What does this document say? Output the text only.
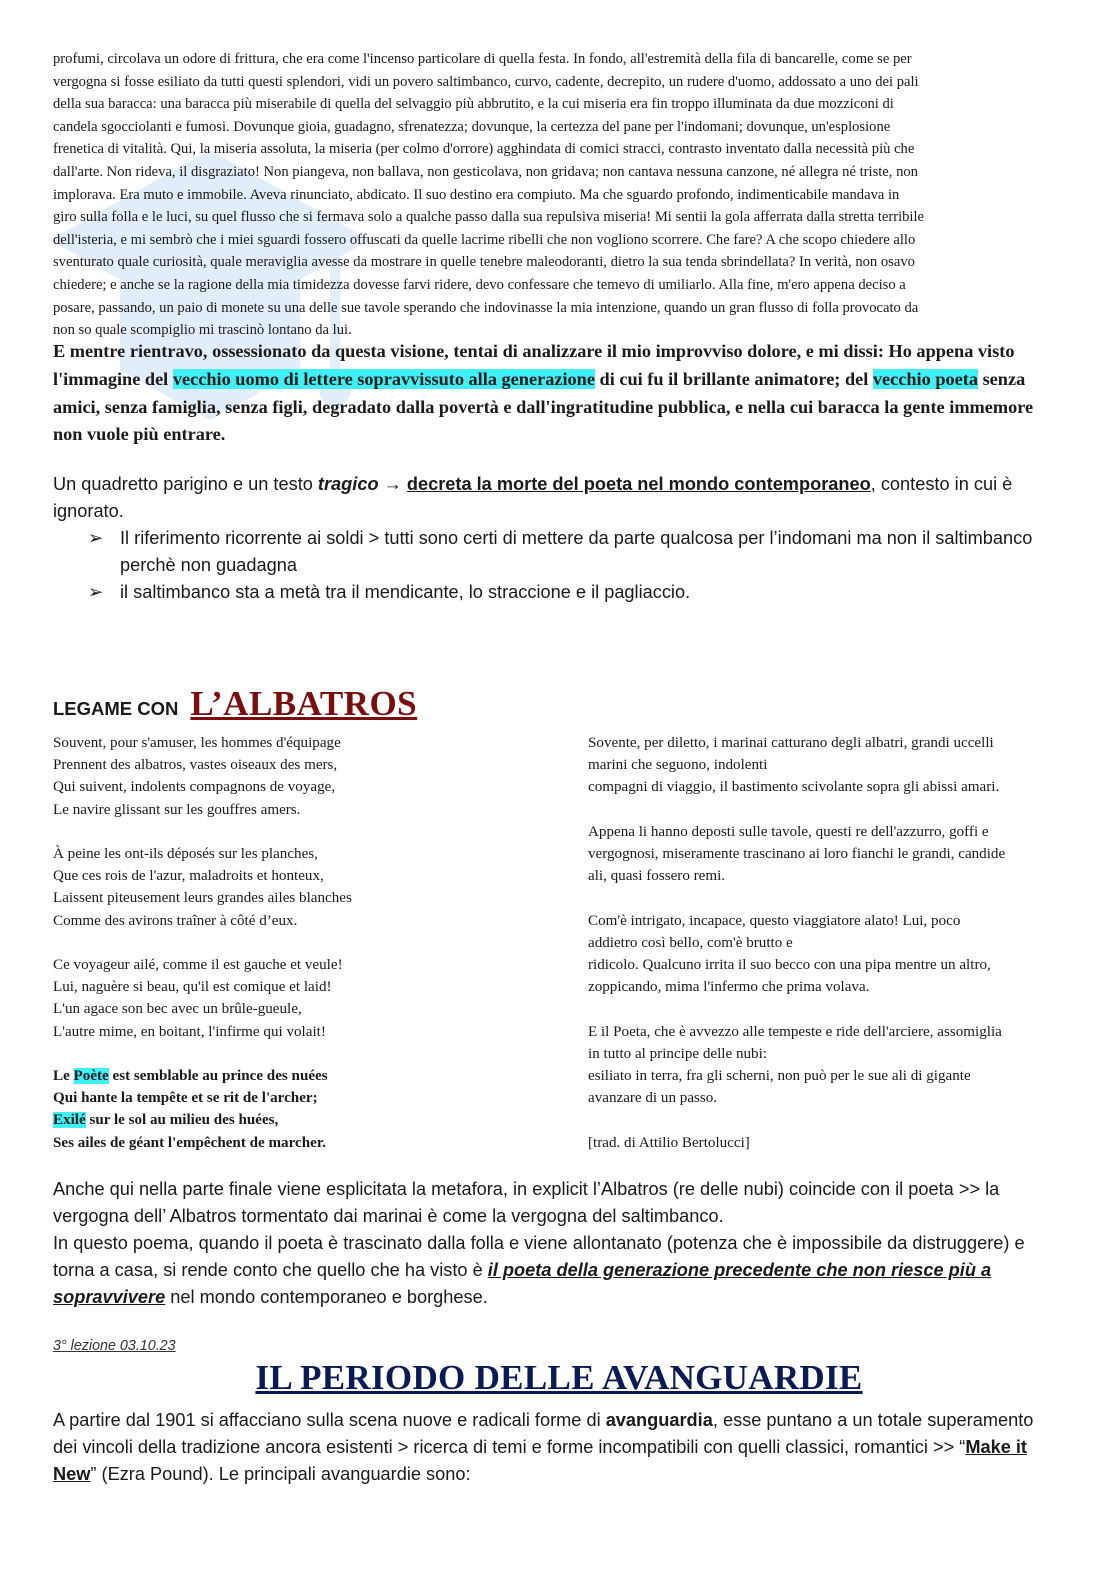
profumi, circolava un odore di frittura, che era come l'incenso particolare di quella festa. In fondo, all'estremità della fila di bancarelle, come se per

vergogna si fosse esiliato da tutti questi splendori, vidi un povero saltimbanco, curvo, cadente, decrepito, un rudere d'uomo, addossato a uno dei pali

della sua baracca: una baracca più miserabile di quella del selvaggio più abbrutito, e la cui miseria era fin troppo illuminata da due mozziconi di

candela sgocciolanti e fumosi. Dovunque gioia, guadagno, sfrenatezza; dovunque, la certezza del pane per l'indomani; dovunque, un'esplosione

frenetica di vitalità. Qui, la miseria assoluta, la miseria (per colmo d'orrore) agghindata di comici stracci, contrasto inventato dalla necessità più che

dall'arte. Non rideva, il disgraziato! Non piangeva, non ballava, non gesticolava, non gridava; non cantava nessuna canzone, né allegra né triste, non

implorava. Era muto e immobile. Aveva rinunciato, abdicato. Il suo destino era compiuto. Ma che sguardo profondo, indimenticabile mandava in

giro sulla folla e le luci, su quel flusso che si fermava solo a qualche passo dalla sua repulsiva miseria! Mi sentii la gola afferrata dalla stretta terribile

dell'isteria, e mi sembrò che i miei sguardi fossero offuscati da quelle lacrime ribelli che non vogliono scorrere. Che fare? A che scopo chiedere allo

sventurato quale curiosità, quale meraviglia avesse da mostrare in quelle tenebre maleodoranti, dietro la sua tenda sbrindellata? In verità, non osavo

chiedere; e anche se la ragione della mia timidezza dovesse farvi ridere, devo confessare che temevo di umiliarlo. Alla fine, m'ero appena deciso a

posare, passando, un paio di monete su una delle sue tavole sperando che indovinasse la mia intenzione, quando un gran flusso di folla provocato da

non so quale scompiglio mi trascinò lontano da lui.

E mentre rientravo, ossessionato da questa visione, tentai di analizzare il mio improvviso dolore, e mi dissi: Ho appena visto l'immagine del vecchio uomo di lettere sopravvissuto alla generazione di cui fu il brillante animatore; del vecchio poeta senza amici, senza famiglia, senza figli, degradato dalla povertà e dall'ingratitudine pubblica, e nella cui baracca la gente immemore non vuole più entrare.

Un quadretto parigino e un testo tragico → decreta la morte del poeta nel mondo contemporaneo, contesto in cui è ignorato.

➢ Il riferimento ricorrente ai soldi > tutti sono certi di mettere da parte qualcosa per l’indomani ma non il saltimbanco perchè non guadagna
➢ il saltimbanco sta a metà tra il mendicante, lo straccione e il pagliaccio.
LEGAME CON L’ALBATROS
Souvent, pour s'amuser, les hommes d'équipage
Prennent des albatros, vastes oiseaux des mers,
Qui suivent, indolents compagnons de voyage,
Le navire glissant sur les gouffres amers.
À peine les ont-ils déposés sur les planches,
Que ces rois de l'azur, maladroits et honteux,
Laissent piteusement leurs grandes ailes blanches
Comme des avirons traîner à côté d’eux.
Ce voyageur ailé, comme il est gauche et veule!
Lui, naguère si beau, qu'il est comique et laid!
L'un agace son bec avec un brûle-gueule,
L'autre mime, en boitant, l'infirme qui volait!
Le Poète est semblable au prince des nuées
Qui hante la tempête et se rit de l'archer;
Exilé sur le sol au milieu des huées,
Ses ailes de géant l'empêchent de marcher.
Sovente, per diletto, i marinai catturano degli albatri, grandi uccelli
marini che seguono, indolenti
compagni di viaggio, il bastimento scivolante sopra gli abissi amari.
Appena li hanno deposti sulle tavole, questi re dell'azzurro, goffi e
vergognosi, miseramente trascinano ai loro fianchi le grandi, candide
ali, quasi fossero remi.
Com'è intrigato, incapace, questo viaggiatore alato! Lui, poco
addietro così bello, com'è brutto e
ridicolo. Qualcuno irrita il suo becco con una pipa mentre un altro,
zoppicando, mima l'infermo che prima volava.
E il Poeta, che è avvezzo alle tempeste e ride dell'arciere, assomiglia
in tutto al principe delle nubi:
esiliato in terra, fra gli scherni, non può per le sue ali di gigante
avanzare di un passo.
[trad. di Attilio Bertolucci]

Anche qui nella parte finale viene esplicitata la metafora, in explicit l’Albatros (re delle nubi) coincide con il poeta >> la vergogna dell’ Albatros tormentato dai marinai è come la vergogna del saltimbanco.

In questo poema, quando il poeta è trascinato dalla folla e viene allontanato (potenza che è impossibile da distruggere) e torna a casa, si rende conto che quello che ha visto è il poeta della generazione precedente che non riesce più a sopravvivere nel mondo contemporaneo e borghese.

3° lezione 03.10.23
IL PERIODO DELLE AVANGUARDIE

A partire dal 1901 si affacciano sulla scena nuove e radicali forme di avanguardia, esse puntano a un totale superamento dei vincoli della tradizione ancora esistenti > ricerca di temi e forme incompatibili con quelli classici, romantici >> “Make it New” (Ezra Pound). Le principali avanguardie sono:
